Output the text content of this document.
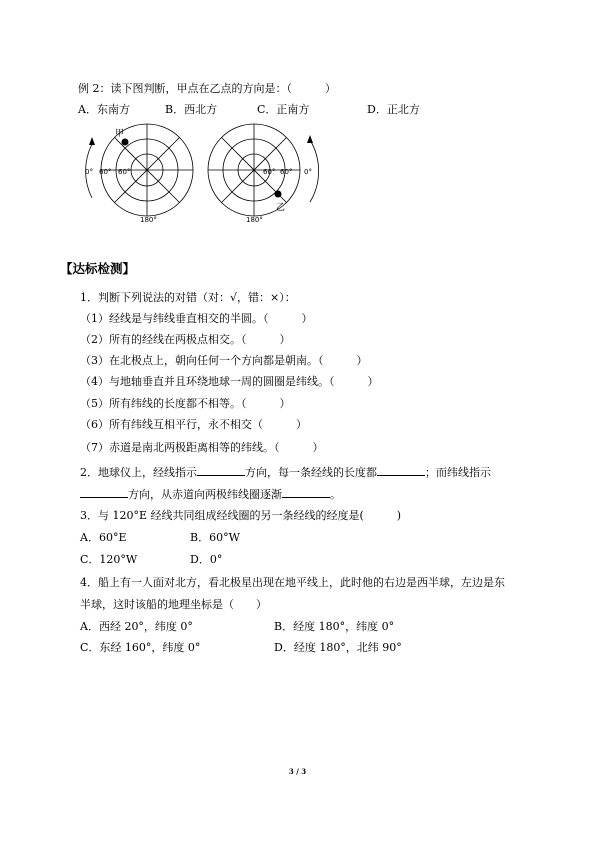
例 2：读下图判断，甲点在乙点的方向是：（　　　）
A．东南方	B．西北方	C．正南方	D．正北方
甲
0° 60° 60°
180°
乙
60° 60° 0°
180°
【达标检测】
1．判断下列说法的对错（对：√，错：×）：
（1）经线是与纬线垂直相交的半圆。（　　　）
（2）所有的经线在两极点相交。（　　　）
（3）在北极点上，朝向任何一个方向都是朝南。（　　　）
（4）与地轴垂直并且环绕地球一周的圆圈是纬线。（　　　）
（5）所有纬线的长度都不相等。（　　　）
（6）所有纬线互相平行，永不相交（　　　）
（7）赤道是南北两极距离相等的纬线。（　　　）
2．地球仪上，经线指示	方向，每一条经线的长度都	；而纬线指示
方向，从赤道向两极纬线圈逐渐	。
3．与 120°E 经线共同组成经线圈的另一条经线的经度是(　　　)
A．60°E	B．60°W
C．120°W	D．0°
4．船上有一人面对北方，看北极星出现在地平线上，此时他的右边是西半球，左边是东
半球，这时该船的地理坐标是（　　）
A．西经 20°，纬度 0°	B．经度 180°，纬度 0°
C．东经 160°，纬度 0°	D．经度 180°，北纬 90°
3 / 3
